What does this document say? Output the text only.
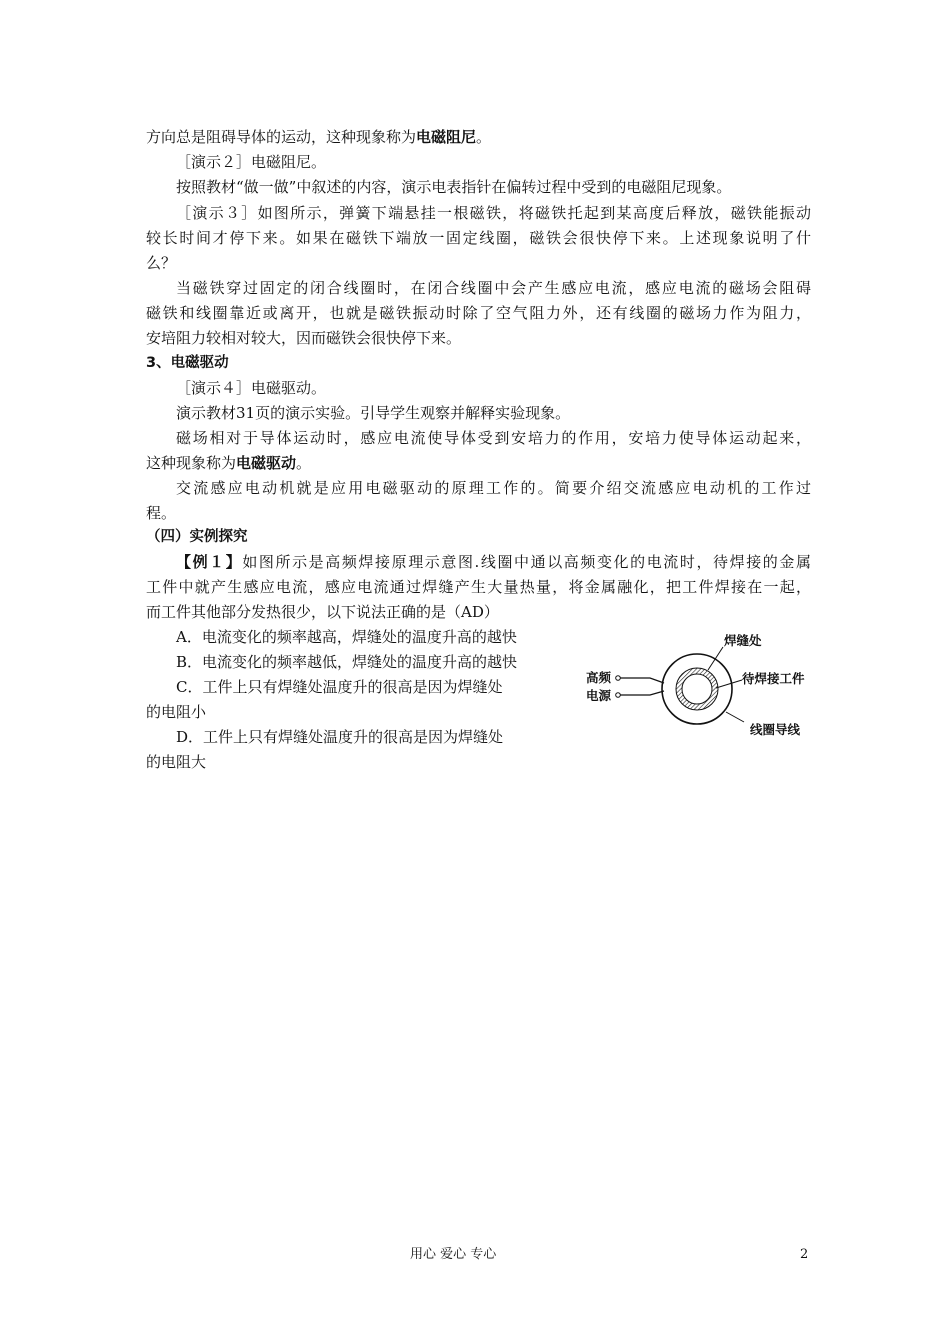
方向总是阻碍导体的运动，这种现象称为电磁阻尼。
［演示２］电磁阻尼。
按照教材“做一做”中叙述的内容，演示电表指针在偏转过程中受到的电磁阻尼现象。
［演示３］如图所示，弹簧下端悬挂一根磁铁，将磁铁托起到某高度后释放，磁铁能振动
较长时间才停下来。如果在磁铁下端放一固定线圈，磁铁会很快停下来。上述现象说明了什
么？
当磁铁穿过固定的闭合线圈时，在闭合线圈中会产生感应电流，感应电流的磁场会阻碍
磁铁和线圈靠近或离开，也就是磁铁振动时除了空气阻力外，还有线圈的磁场力作为阻力，
安培阻力较相对较大，因而磁铁会很快停下来。
3、电磁驱动
［演示４］电磁驱动。
演示教材31页的演示实验。引导学生观察并解释实验现象。
磁场相对于导体运动时，感应电流使导体受到安培力的作用，安培力使导体运动起来，
这种现象称为电磁驱动。
交流感应电动机就是应用电磁驱动的原理工作的。简要介绍交流感应电动机的工作过
程。
（四）实例探究
【例１】如图所示是高频焊接原理示意图.线圈中通以高频变化的电流时，待焊接的金属
工件中就产生感应电流，感应电流通过焊缝产生大量热量，将金属融化，把工件焊接在一起，
而工件其他部分发热很少，以下说法正确的是（AD）
A．电流变化的频率越高，焊缝处的温度升高的越快
B．电流变化的频率越低，焊缝处的温度升高的越快
C．工件上只有焊缝处温度升的很高是因为焊缝处
的电阻小
D．工件上只有焊缝处温度升的很高是因为焊缝处
的电阻大
焊缝处
待焊接工件
高频
电源
线圈导线
用心 爱心 专心	2
